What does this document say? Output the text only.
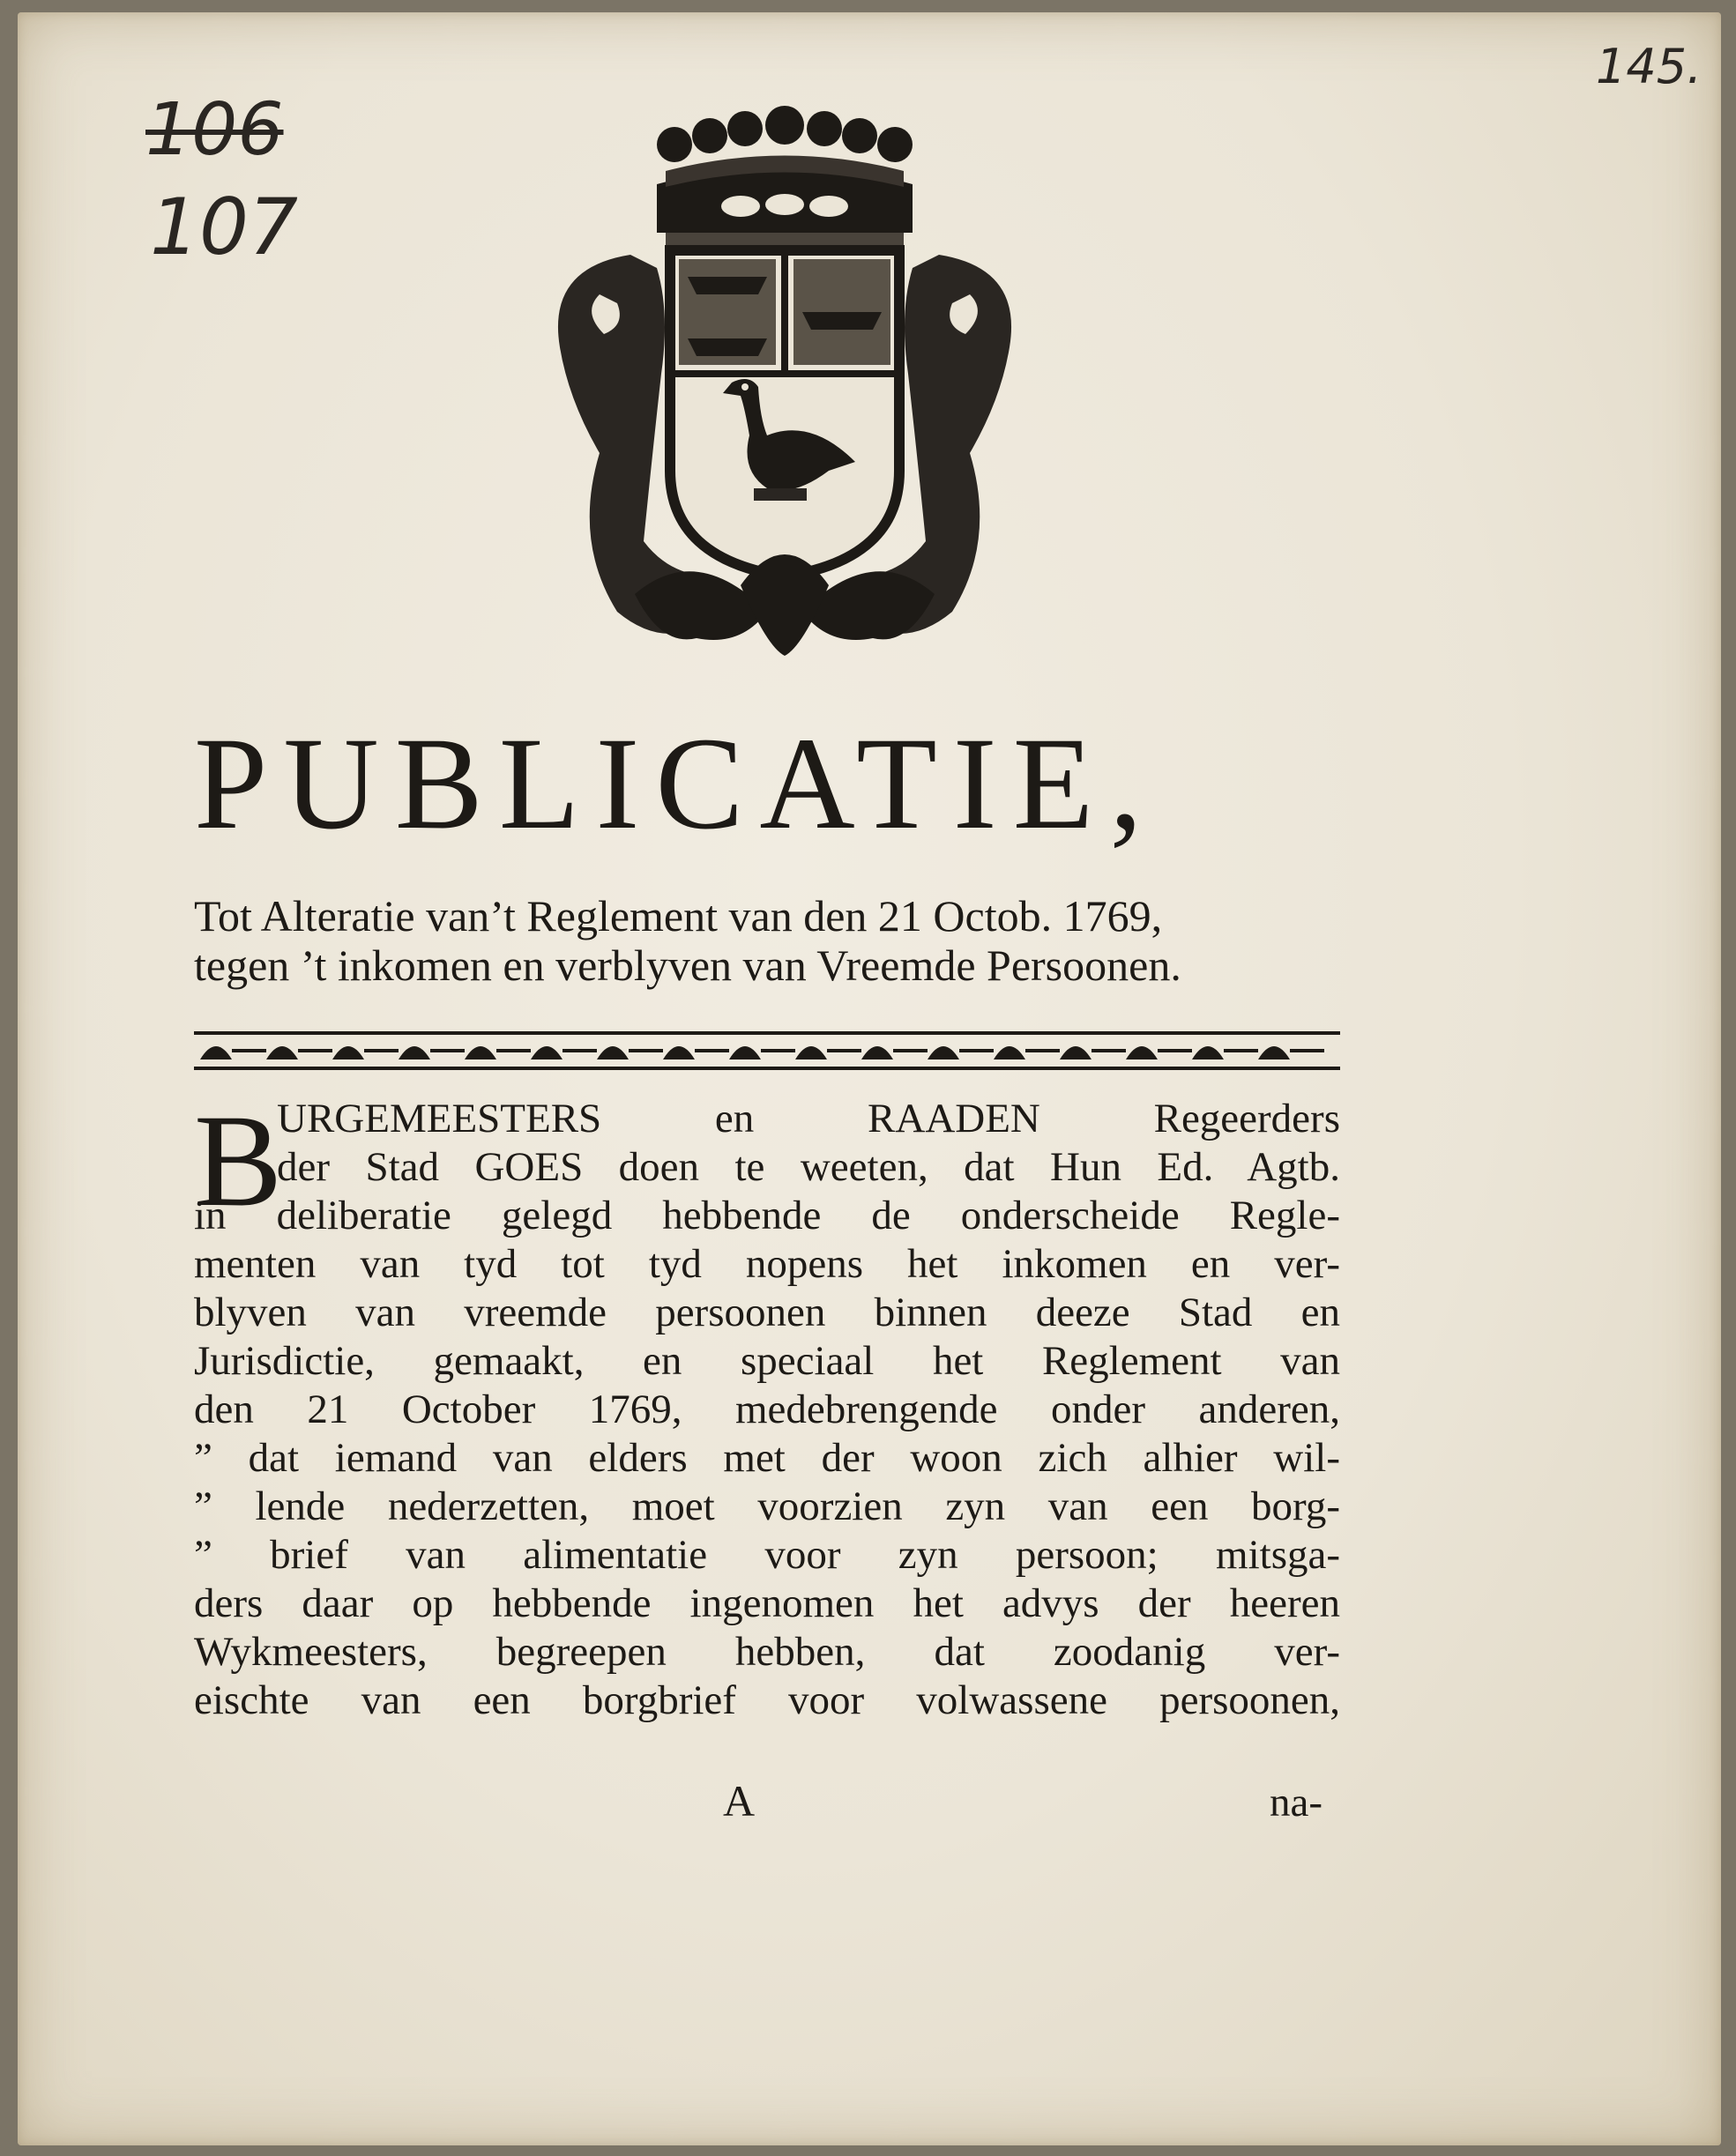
106
107
145.
PUBLICATIE,
Tot Alteratie van’t Reglement van den 21 Octob. 1769,
tegen ’t inkomen en verblyven van Vreemde Persoonen.
B
URGEMEESTERS en RAADEN Regeerders
der Stad GOES doen te weeten, dat Hun Ed. Agtb.
in deliberatie gelegd hebbende de onderscheide Regle-
menten van tyd tot tyd nopens het inkomen en ver-
blyven van vreemde persoonen binnen deeze Stad en
Jurisdictie, gemaakt, en speciaal het Reglement van
den 21 October 1769, medebrengende onder anderen,
” dat iemand van elders met der woon zich alhier wil-
” lende nederzetten, moet voorzien zyn van een borg-
” brief van alimentatie voor zyn persoon; mitsga-
ders daar op hebbende ingenomen het advys der heeren
Wykmeesters, begreepen hebben, dat zoodanig ver-
eischte van een borgbrief voor volwassene persoonen,
A	na-
